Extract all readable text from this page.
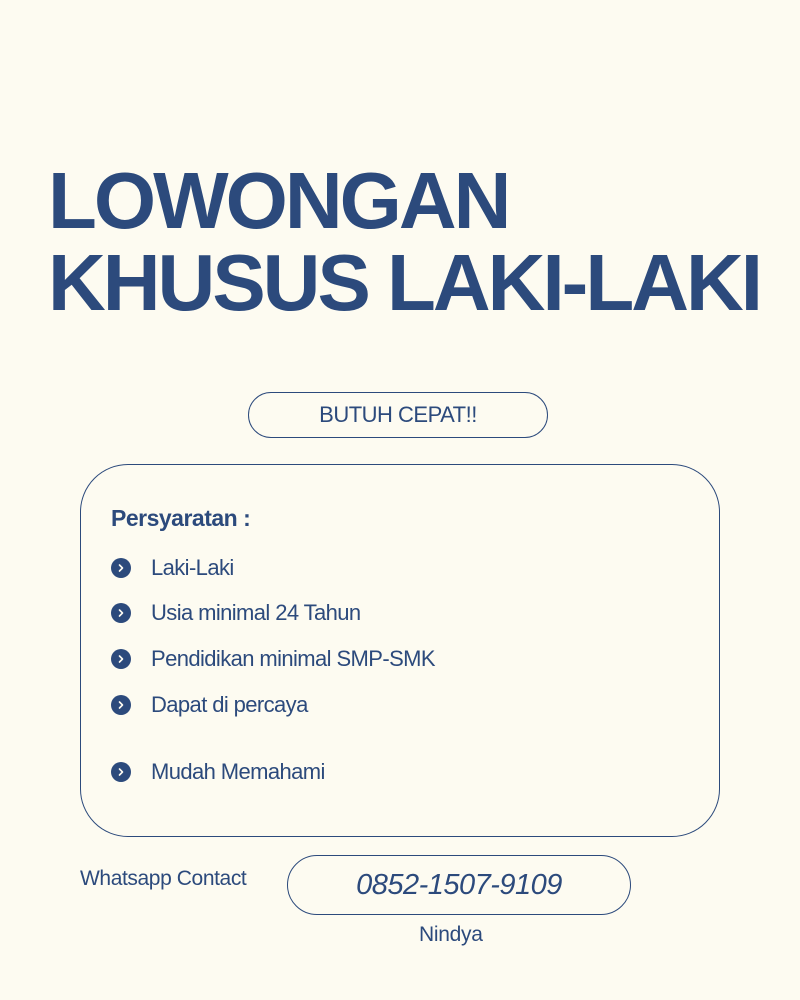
LOWONGAN
KHUSUS LAKI-LAKI
BUTUH CEPAT!!
Persyaratan :
Laki-Laki
Usia minimal 24 Tahun
Pendidikan minimal SMP-SMK
Dapat di percaya
Mudah Memahami
Whatsapp Contact	0852-1507-9109
Nindya
